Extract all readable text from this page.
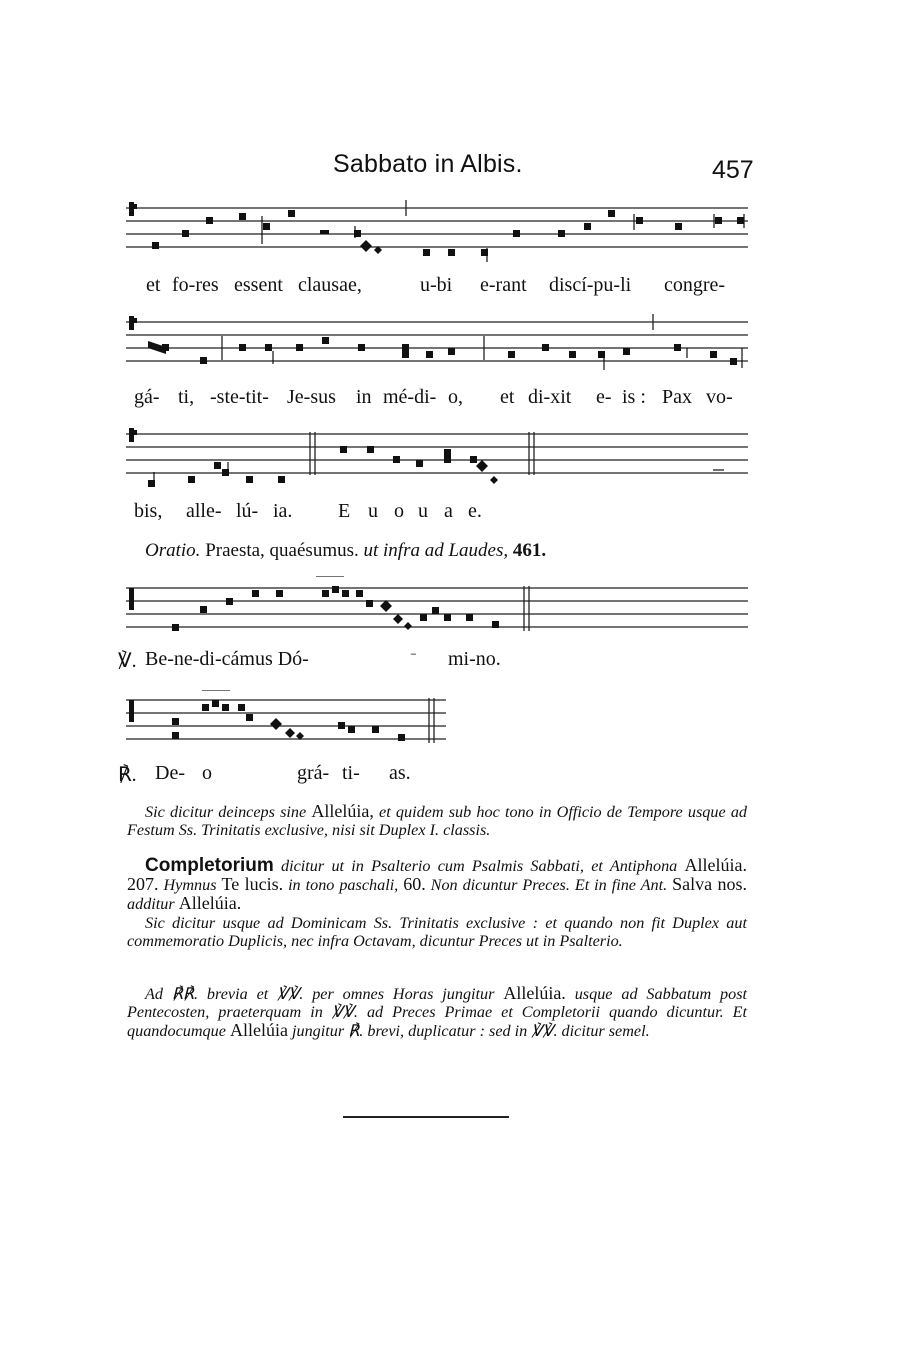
Sabbato in Albis.	457
et fo-res essent clausae,	u-bi e-rant discí-pu-li congre-
gá- ti, -ste-tit- Je-sus in mé-di- o, et di-xit e- is : Pax vo-
bis, alle- lú- ia. E u o u a e.
Oratio. Praesta, quaésumus. ut infra ad Laudes, 461.
℣. Be-ne-di-cámus Dó-	- mi-no.
℟. De- o	grá- ti- as.

Sic dicitur deinceps sine Allelúia, et quidem sub hoc tono in Officio de Tempore usque ad Festum Ss. Trinitatis exclusive, nisi sit Duplex I. classis.

Completorium dicitur ut in Psalterio cum Psalmis Sabbati, et Antiphona Allelúia. 207. Hymnus Te lucis. in tono paschali, 60. Non dicuntur Preces. Et in fine Ant. Salva nos. additur Allelúia.

Sic dicitur usque ad Dominicam Ss. Trinitatis exclusive : et quando non fit Duplex aut commemoratio Duplicis, nec infra Octavam, dicuntur Preces ut in Psalterio.

Ad ℟℟. brevia et ℣℣. per omnes Horas jungitur Allelúia. usque ad Sabbatum post Pentecosten, praeterquam in ℣℣. ad Preces Primae et Completorii quando dicuntur. Et quandocumque Allelúia jungitur ℟. brevi, duplicatur : sed in ℣℣. dicitur semel.
